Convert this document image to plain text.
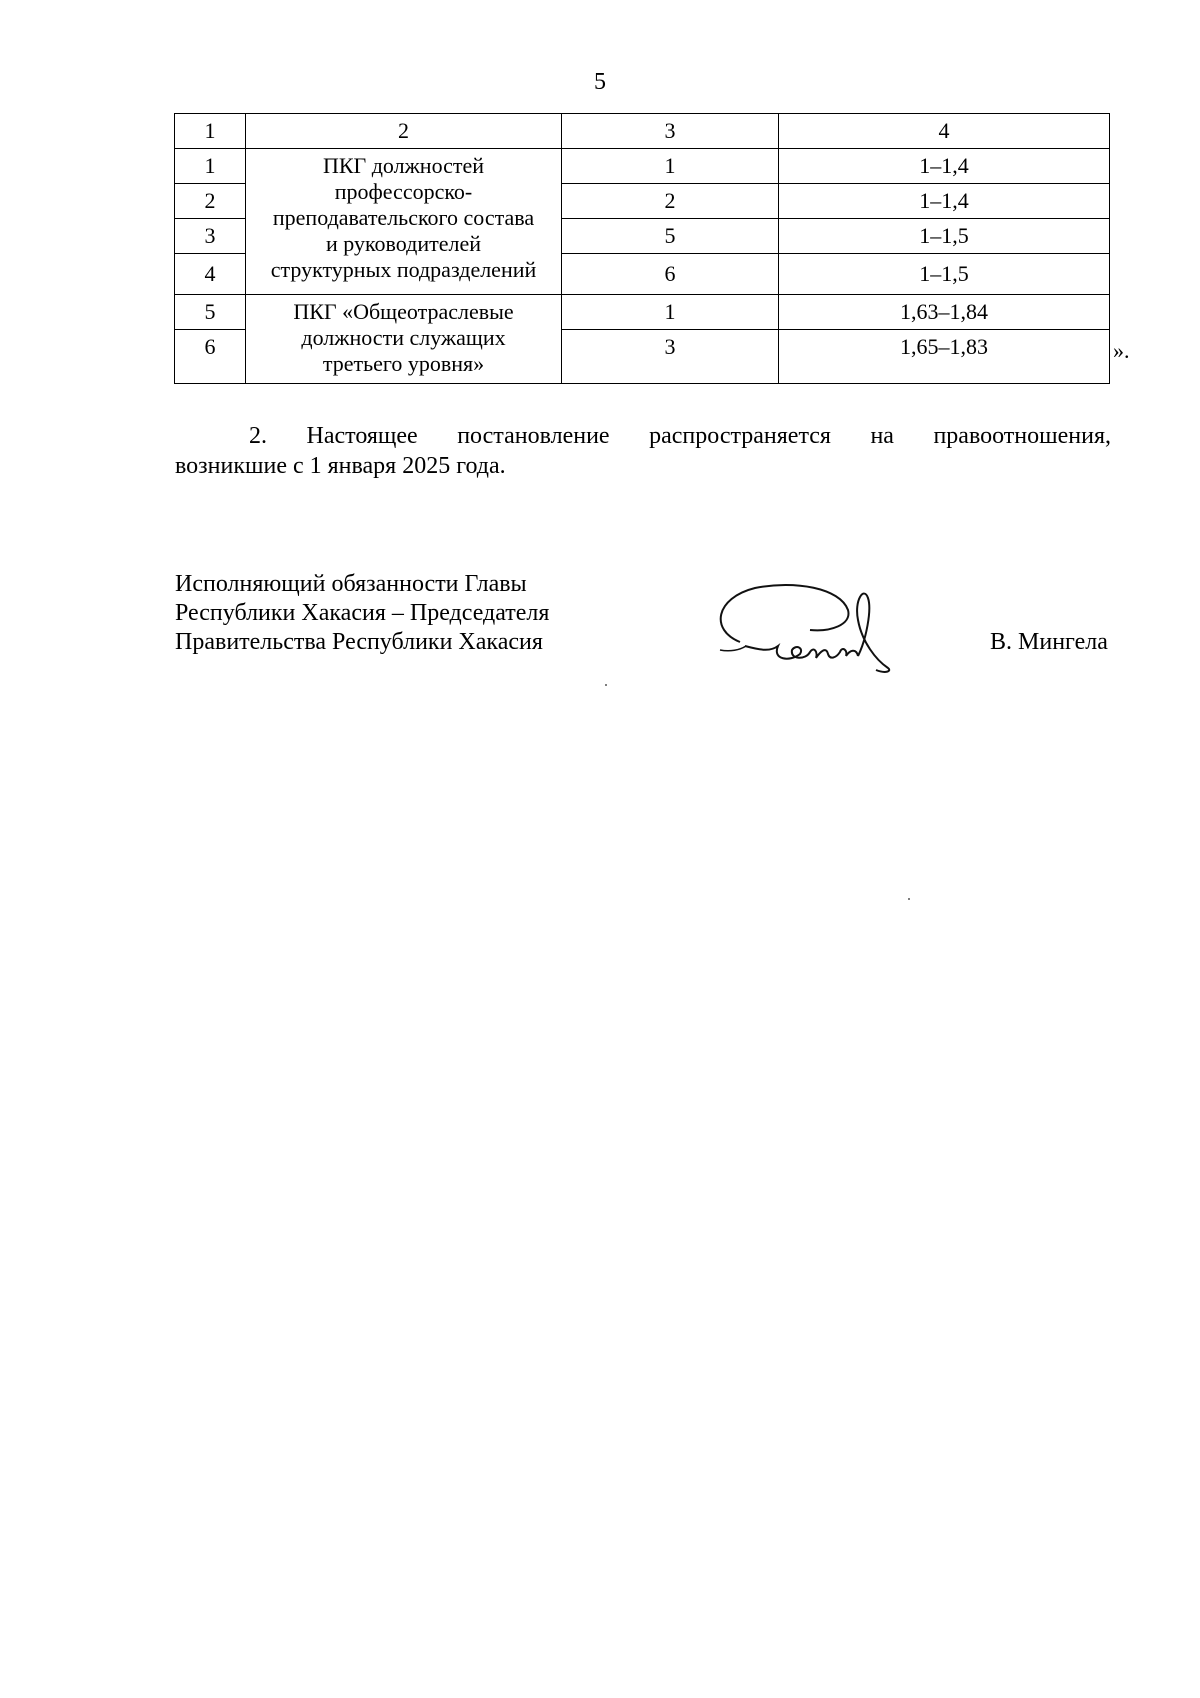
5
1	2	3	4
1	ПКГ должностей
профессорско-
преподавательского состава
и руководителей
структурных подразделений	1	1–1,4
2		2	1–1,4
3		5	1–1,5
4		6	1–1,5
5	ПКГ «Общеотраслевые
должности служащих
третьего уровня»	1	1,63–1,84
6		3	1,65–1,83	».
2. Настоящее постановление распространяется на правоотношения,
возникшие с 1 января 2025 года.
Исполняющий обязанности Главы
Республики Хакасия – Председателя
Правительства Республики Хакасия	В. Мингела
